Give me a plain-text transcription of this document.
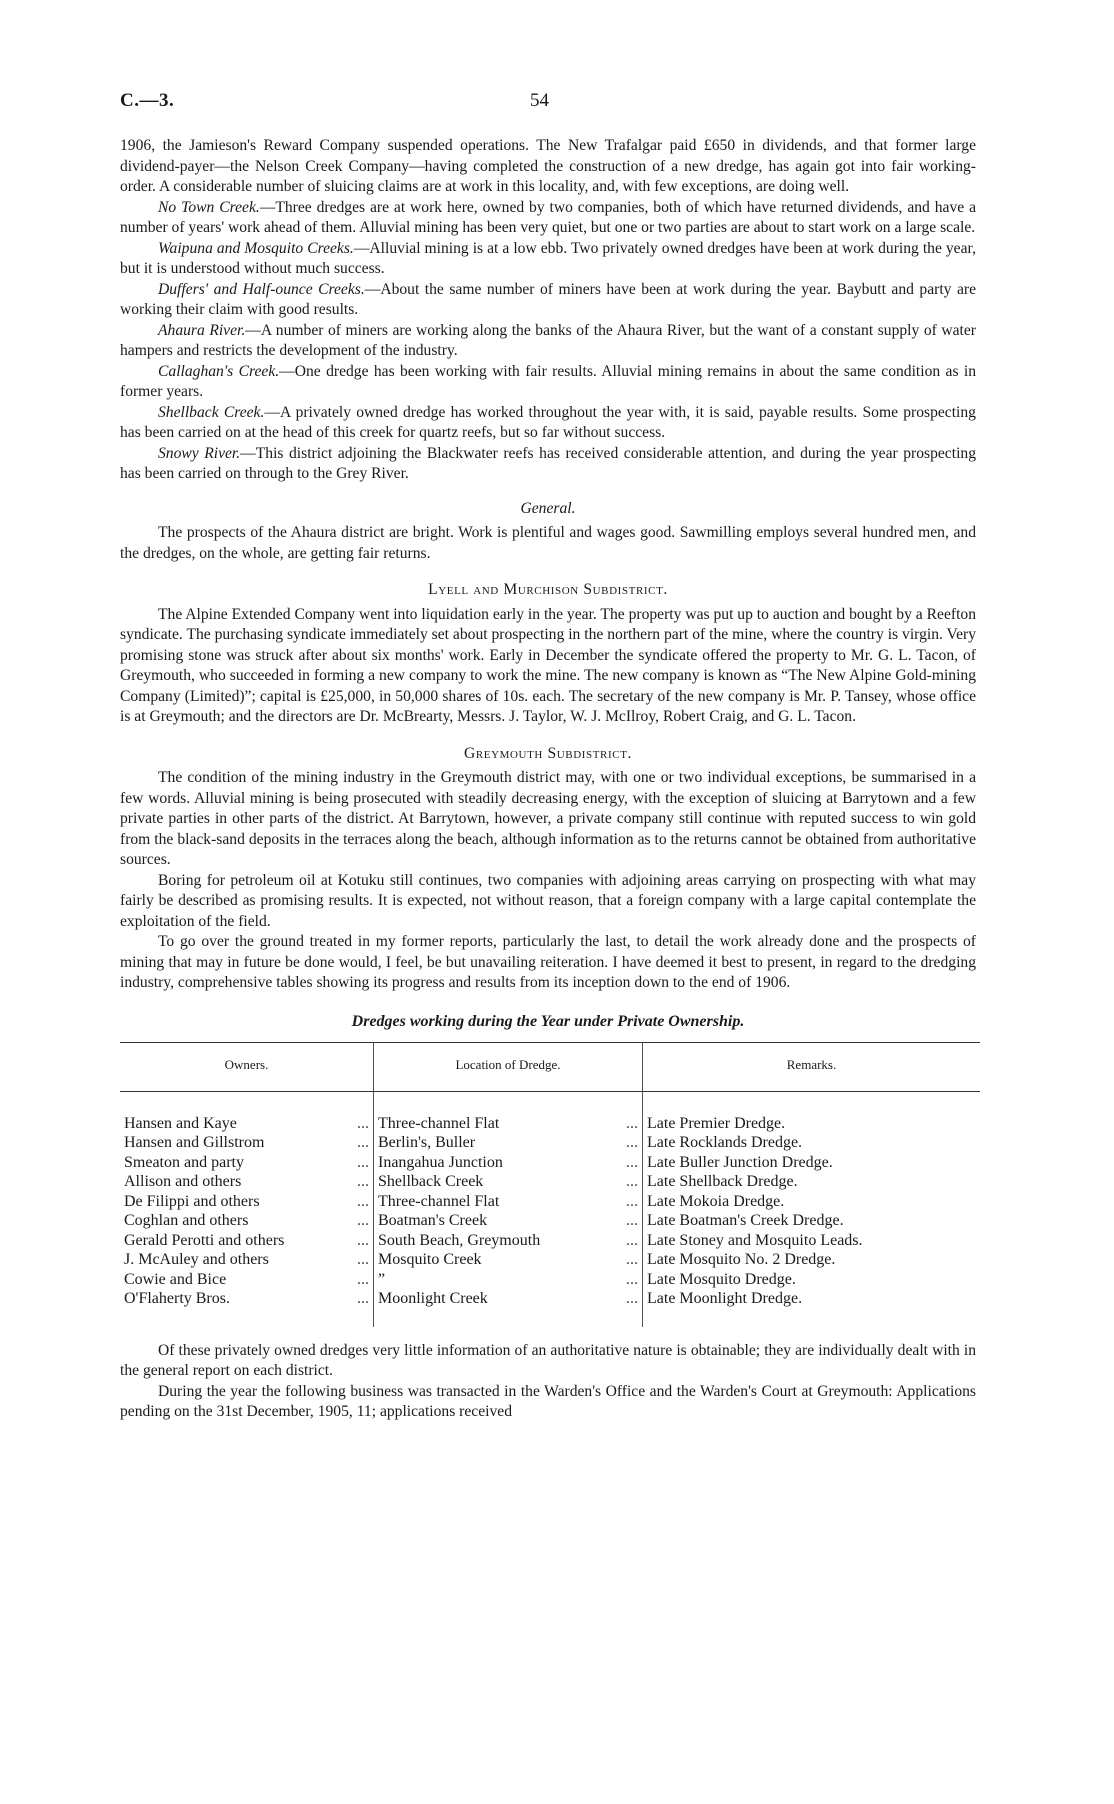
C.—3.	54

1906, the Jamieson's Reward Company suspended operations. The New Trafalgar paid £650 in dividends, and that former large dividend-payer—the Nelson Creek Company—having completed the construction of a new dredge, has again got into fair working-order. A considerable number of sluicing claims are at work in this locality, and, with few exceptions, are doing well.

No Town Creek.—Three dredges are at work here, owned by two companies, both of which have returned dividends, and have a number of years' work ahead of them. Alluvial mining has been very quiet, but one or two parties are about to start work on a large scale.

Waipuna and Mosquito Creeks.—Alluvial mining is at a low ebb. Two privately owned dredges have been at work during the year, but it is understood without much success.

Duffers' and Half-ounce Creeks.—About the same number of miners have been at work during the year. Baybutt and party are working their claim with good results.

Ahaura River.—A number of miners are working along the banks of the Ahaura River, but the want of a constant supply of water hampers and restricts the development of the industry.

Callaghan's Creek.—One dredge has been working with fair results. Alluvial mining remains in about the same condition as in former years.

Shellback Creek.—A privately owned dredge has worked throughout the year with, it is said, payable results. Some prospecting has been carried on at the head of this creek for quartz reefs, but so far without success.

Snowy River.—This district adjoining the Blackwater reefs has received considerable attention, and during the year prospecting has been carried on through to the Grey River.

General.

The prospects of the Ahaura district are bright. Work is plentiful and wages good. Sawmilling employs several hundred men, and the dredges, on the whole, are getting fair returns.

Lyell and Murchison Subdistrict.

The Alpine Extended Company went into liquidation early in the year. The property was put up to auction and bought by a Reefton syndicate. The purchasing syndicate immediately set about prospecting in the northern part of the mine, where the country is virgin. Very promising stone was struck after about six months' work. Early in December the syndicate offered the property to Mr. G. L. Tacon, of Greymouth, who succeeded in forming a new company to work the mine. The new company is known as “The New Alpine Gold-mining Company (Limited)”; capital is £25,000, in 50,000 shares of 10s. each. The secretary of the new company is Mr. P. Tansey, whose office is at Greymouth; and the directors are Dr. McBrearty, Messrs. J. Taylor, W. J. McIlroy, Robert Craig, and G. L. Tacon.

Greymouth Subdistrict.

The condition of the mining industry in the Greymouth district may, with one or two individual exceptions, be summarised in a few words. Alluvial mining is being prosecuted with steadily decreasing energy, with the exception of sluicing at Barrytown and a few private parties in other parts of the district. At Barrytown, however, a private company still continue with reputed success to win gold from the black-sand deposits in the terraces along the beach, although information as to the returns cannot be obtained from authoritative sources.

Boring for petroleum oil at Kotuku still continues, two companies with adjoining areas carrying on prospecting with what may fairly be described as promising results. It is expected, not without reason, that a foreign company with a large capital contemplate the exploitation of the field.

To go over the ground treated in my former reports, particularly the last, to detail the work already done and the prospects of mining that may in future be done would, I feel, be but unavailing reiteration. I have deemed it best to present, in regard to the dredging industry, comprehensive tables showing its progress and results from its inception down to the end of 1906.

Dredges working during the Year under Private Ownership.
Owners.	Location of Dredge.	Remarks.
Hansen and Kaye ...	Three-channel Flat ...	Late Premier Dredge.
Hansen and Gillstrom ...	Berlin's, Buller ...	Late Rocklands Dredge.
Smeaton and party ...	Inangahua Junction ...	Late Buller Junction Dredge.
Allison and others ...	Shellback Creek ...	Late Shellback Dredge.
De Filippi and others ...	Three-channel Flat ...	Late Mokoia Dredge.
Coghlan and others ...	Boatman's Creek ...	Late Boatman's Creek Dredge.
Gerald Perotti and others ...	South Beach, Greymouth ...	Late Stoney and Mosquito Leads.
J. McAuley and others ...	Mosquito Creek ...	Late Mosquito No. 2 Dredge.
Cowie and Bice ...	” ...	Late Mosquito Dredge.
O'Flaherty Bros. ...	Moonlight Creek ...	Late Moonlight Dredge.

Of these privately owned dredges very little information of an authoritative nature is obtainable; they are individually dealt with in the general report on each district.

During the year the following business was transacted in the Warden's Office and the Warden's Court at Greymouth: Applications pending on the 31st December, 1905, 11; applications received
